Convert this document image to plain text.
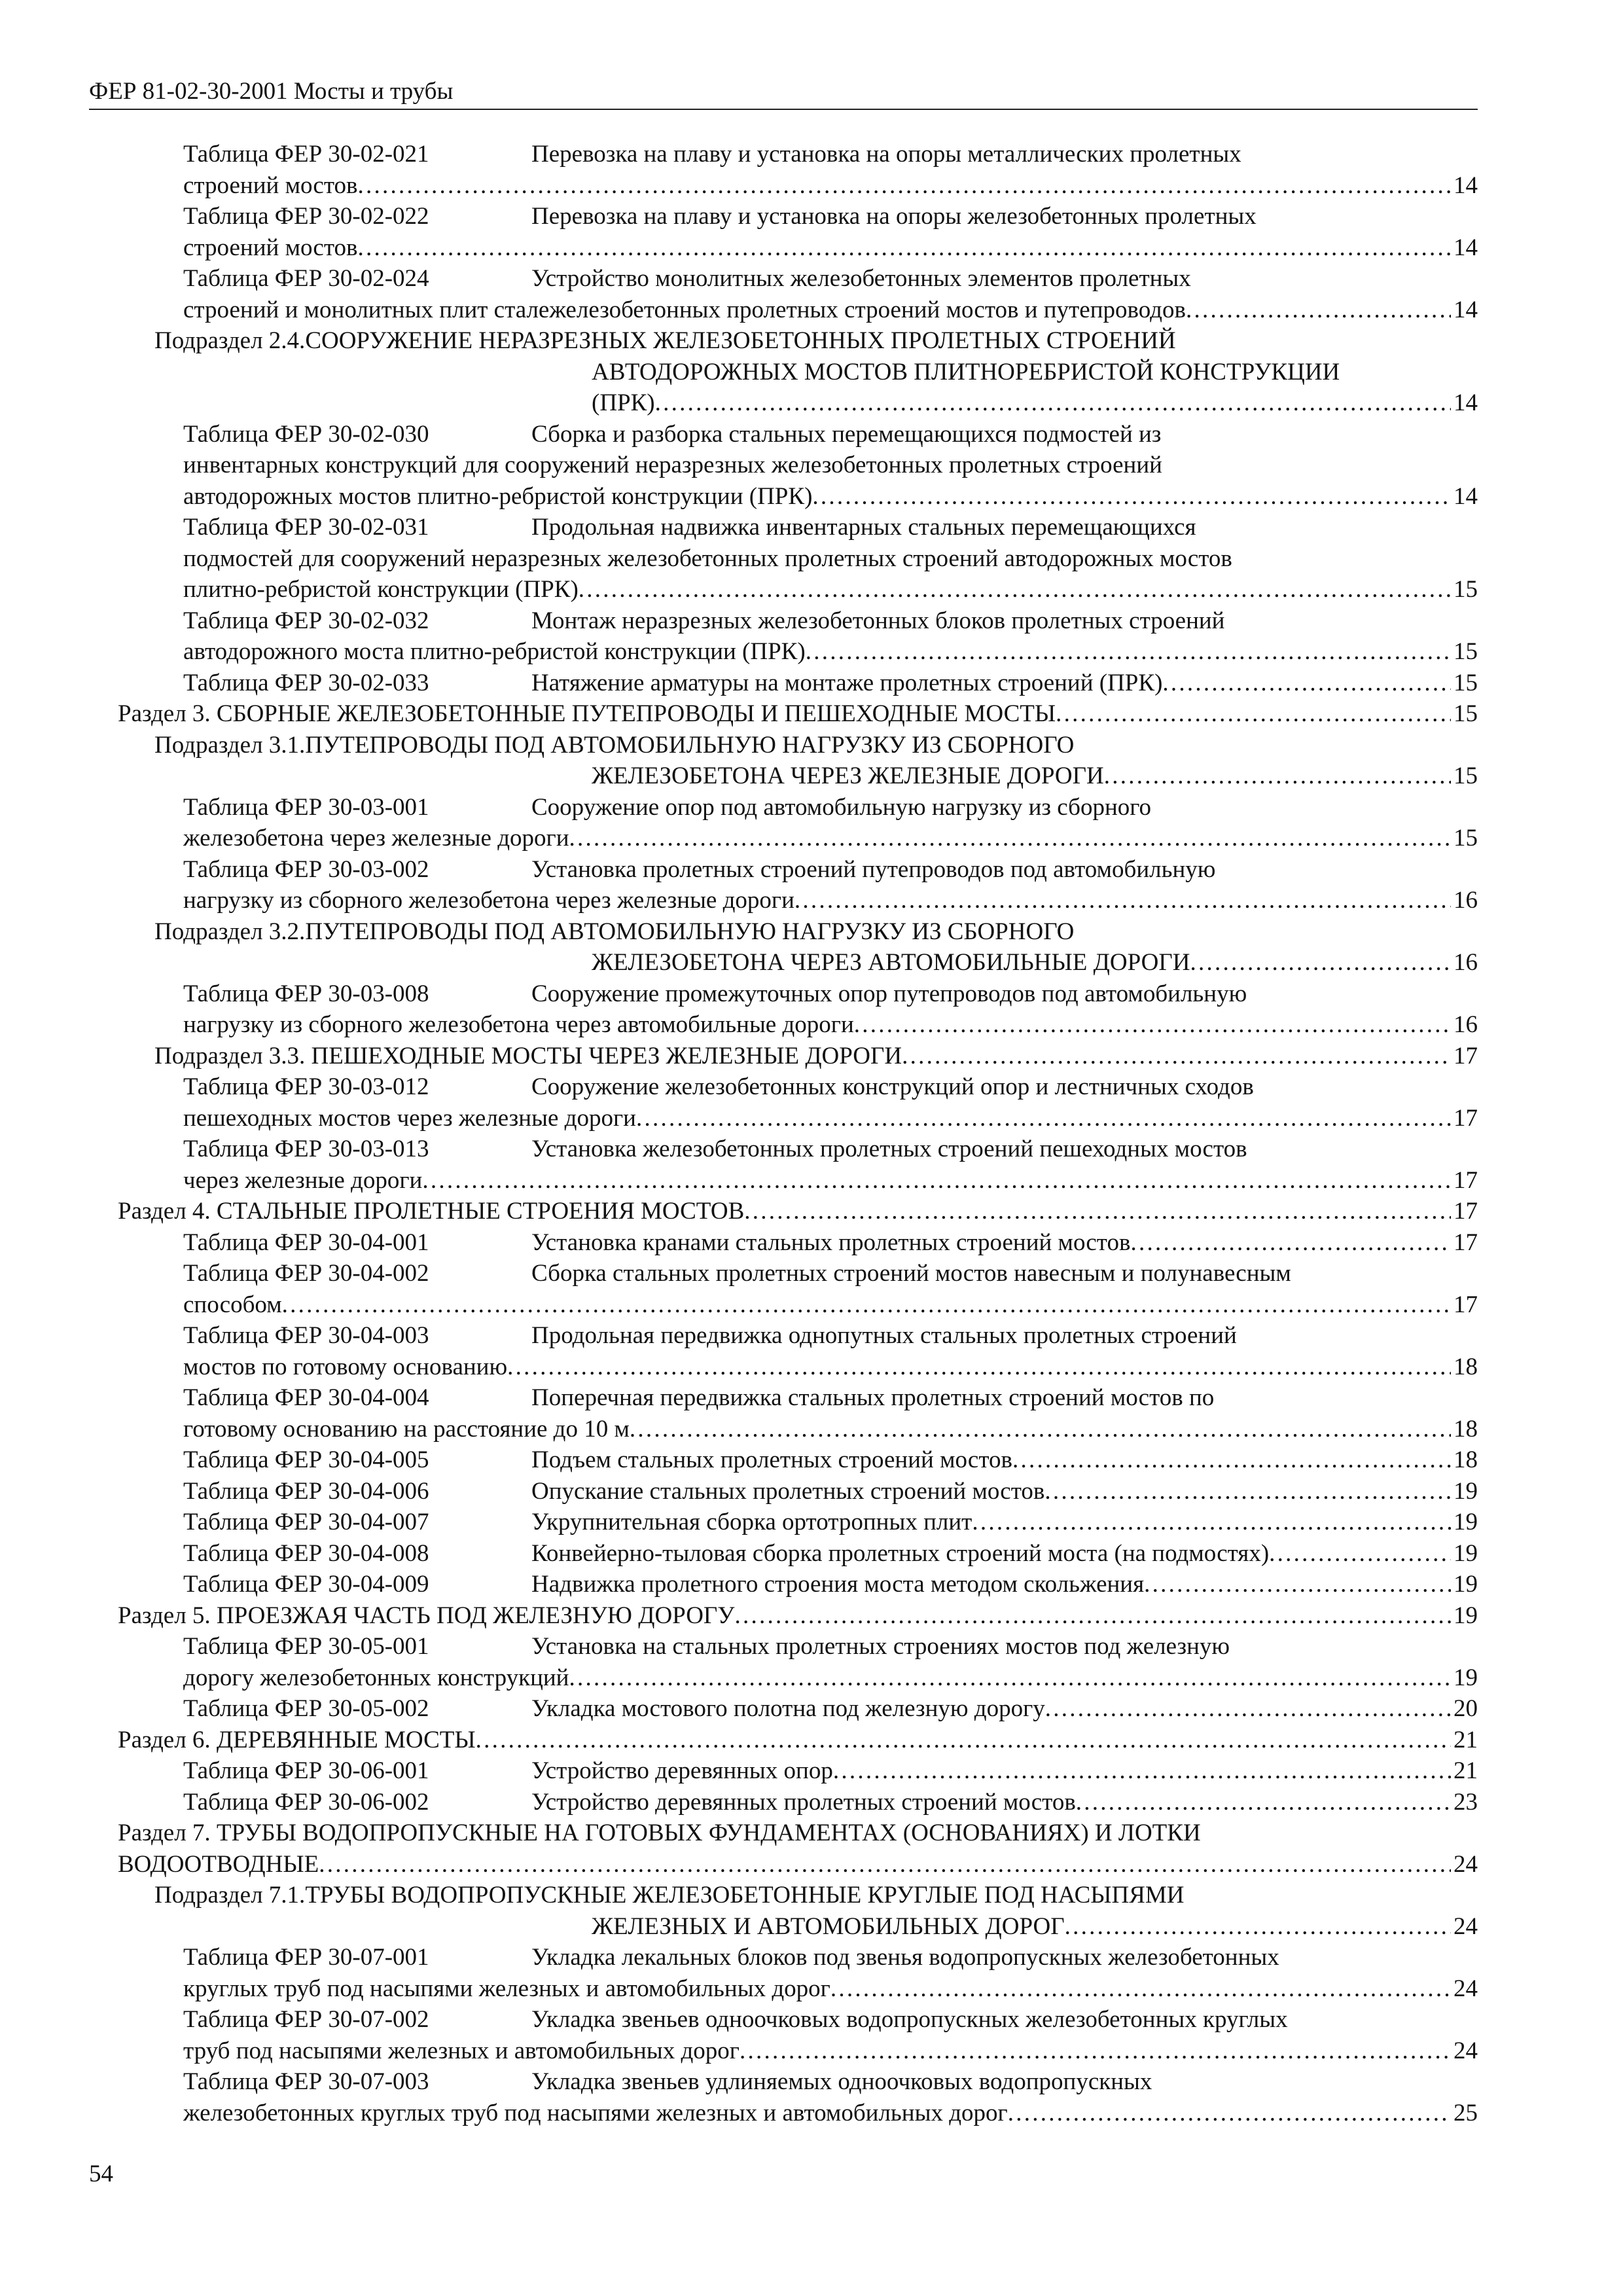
ФЕР 81-02-30-2001 Мосты и трубы
Таблица ФЕР 30-02-021	Перевозка на плаву и установка на опоры металлических пролетных
строений мостов . . .	14
Таблица ФЕР 30-02-022	Перевозка на плаву и установка на опоры железобетонных пролетных
строений мостов . . .	14
Таблица ФЕР 30-02-024	Устройство монолитных железобетонных элементов пролетных
строений и монолитных плит сталежелезобетонных пролетных строений мостов и путепроводов . . .	14
Подраздел 2.4. СООРУЖЕНИЕ НЕРАЗРЕЗНЫХ ЖЕЛЕЗОБЕТОННЫХ ПРОЛЕТНЫХ СТРОЕНИЙ
АВТОДОРОЖНЫХ МОСТОВ ПЛИТНОРЕБРИСТОЙ КОНСТРУКЦИИ
(ПРК) . . .	14
Таблица ФЕР 30-02-030	Сборка и разборка стальных перемещающихся подмостей из
инвентарных конструкций для сооружений неразрезных железобетонных пролетных строений
автодорожных мостов плитно-ребристой конструкции (ПРК) . . .	14
Таблица ФЕР 30-02-031	Продольная надвижка инвентарных стальных перемещающихся
подмостей для сооружений неразрезных железобетонных пролетных строений автодорожных мостов
плитно-ребристой конструкции (ПРК) . . .	15
Таблица ФЕР 30-02-032	Монтаж неразрезных железобетонных блоков пролетных строений
автодорожного моста плитно-ребристой конструкции (ПРК) . . .	15
Таблица ФЕР 30-02-033	Натяжение арматуры на монтаже пролетных строений (ПРК) . . .	15
Раздел 3. СБОРНЫЕ ЖЕЛЕЗОБЕТОННЫЕ ПУТЕПРОВОДЫ И ПЕШЕХОДНЫЕ МОСТЫ . . .	15
Подраздел 3.1. ПУТЕПРОВОДЫ ПОД АВТОМОБИЛЬНУЮ НАГРУЗКУ ИЗ СБОРНОГО
ЖЕЛЕЗОБЕТОНА ЧЕРЕЗ ЖЕЛЕЗНЫЕ ДОРОГИ . . .	15
Таблица ФЕР 30-03-001	Сооружение опор под автомобильную нагрузку из сборного
железобетона через железные дороги . . .	15
Таблица ФЕР 30-03-002	Установка пролетных строений путепроводов под автомобильную
нагрузку из сборного железобетона через железные дороги . . .	16
Подраздел 3.2. ПУТЕПРОВОДЫ ПОД АВТОМОБИЛЬНУЮ НАГРУЗКУ ИЗ СБОРНОГО
ЖЕЛЕЗОБЕТОНА ЧЕРЕЗ АВТОМОБИЛЬНЫЕ ДОРОГИ . . .	16
Таблица ФЕР 30-03-008	Сооружение промежуточных опор путепроводов под автомобильную
нагрузку из сборного железобетона через автомобильные дороги . . .	16
Подраздел 3.3. ПЕШЕХОДНЫЕ МОСТЫ ЧЕРЕЗ ЖЕЛЕЗНЫЕ ДОРОГИ . . .	17
Таблица ФЕР 30-03-012	Сооружение железобетонных конструкций опор и лестничных сходов
пешеходных мостов через железные дороги . . .	17
Таблица ФЕР 30-03-013	Установка железобетонных пролетных строений пешеходных мостов
через железные дороги . . .	17
Раздел 4. СТАЛЬНЫЕ ПРОЛЕТНЫЕ СТРОЕНИЯ МОСТОВ . . .	17
Таблица ФЕР 30-04-001	Установка кранами стальных пролетных строений мостов . . .	17
Таблица ФЕР 30-04-002	Сборка стальных пролетных строений мостов навесным и полунавесным
способом . . .	17
Таблица ФЕР 30-04-003	Продольная передвижка однопутных стальных пролетных строений
мостов по готовому основанию . . .	18
Таблица ФЕР 30-04-004	Поперечная передвижка стальных пролетных строений мостов по
готовому основанию на расстояние до 10 м . . .	18
Таблица ФЕР 30-04-005	Подъем стальных пролетных строений мостов . . .	18
Таблица ФЕР 30-04-006	Опускание стальных пролетных строений мостов . . .	19
Таблица ФЕР 30-04-007	Укрупнительная сборка ортотропных плит . . .	19
Таблица ФЕР 30-04-008	Конвейерно-тыловая сборка пролетных строений моста (на подмостях) . . .	19
Таблица ФЕР 30-04-009	Надвижка пролетного строения моста методом скольжения . . .	19
Раздел 5. ПРОЕЗЖАЯ ЧАСТЬ ПОД ЖЕЛЕЗНУЮ ДОРОГУ . . .	19
Таблица ФЕР 30-05-001	Установка на стальных пролетных строениях мостов под железную
дорогу железобетонных конструкций . . .	19
Таблица ФЕР 30-05-002	Укладка мостового полотна под железную дорогу . . .	20
Раздел 6. ДЕРЕВЯННЫЕ МОСТЫ . . .	21
Таблица ФЕР 30-06-001	Устройство деревянных опор . . .	21
Таблица ФЕР 30-06-002	Устройство деревянных пролетных строений мостов . . .	23
Раздел 7. ТРУБЫ ВОДОПРОПУСКНЫЕ НА ГОТОВЫХ ФУНДАМЕНТАХ (ОСНОВАНИЯХ) И ЛОТКИ
ВОДООТВОДНЫЕ . . .	24
Подраздел 7.1. ТРУБЫ ВОДОПРОПУСКНЫЕ ЖЕЛЕЗОБЕТОННЫЕ КРУГЛЫЕ ПОД НАСЫПЯМИ
ЖЕЛЕЗНЫХ И АВТОМОБИЛЬНЫХ ДОРОГ . . .	24
Таблица ФЕР 30-07-001	Укладка лекальных блоков под звенья водопропускных железобетонных
круглых труб под насыпями железных и автомобильных дорог . . .	24
Таблица ФЕР 30-07-002	Укладка звеньев одноочковых водопропускных железобетонных круглых
труб под насыпями железных и автомобильных дорог . . .	24
Таблица ФЕР 30-07-003	Укладка звеньев удлиняемых одноочковых водопропускных
железобетонных круглых труб под насыпями железных и автомобильных дорог . . .	25
54
